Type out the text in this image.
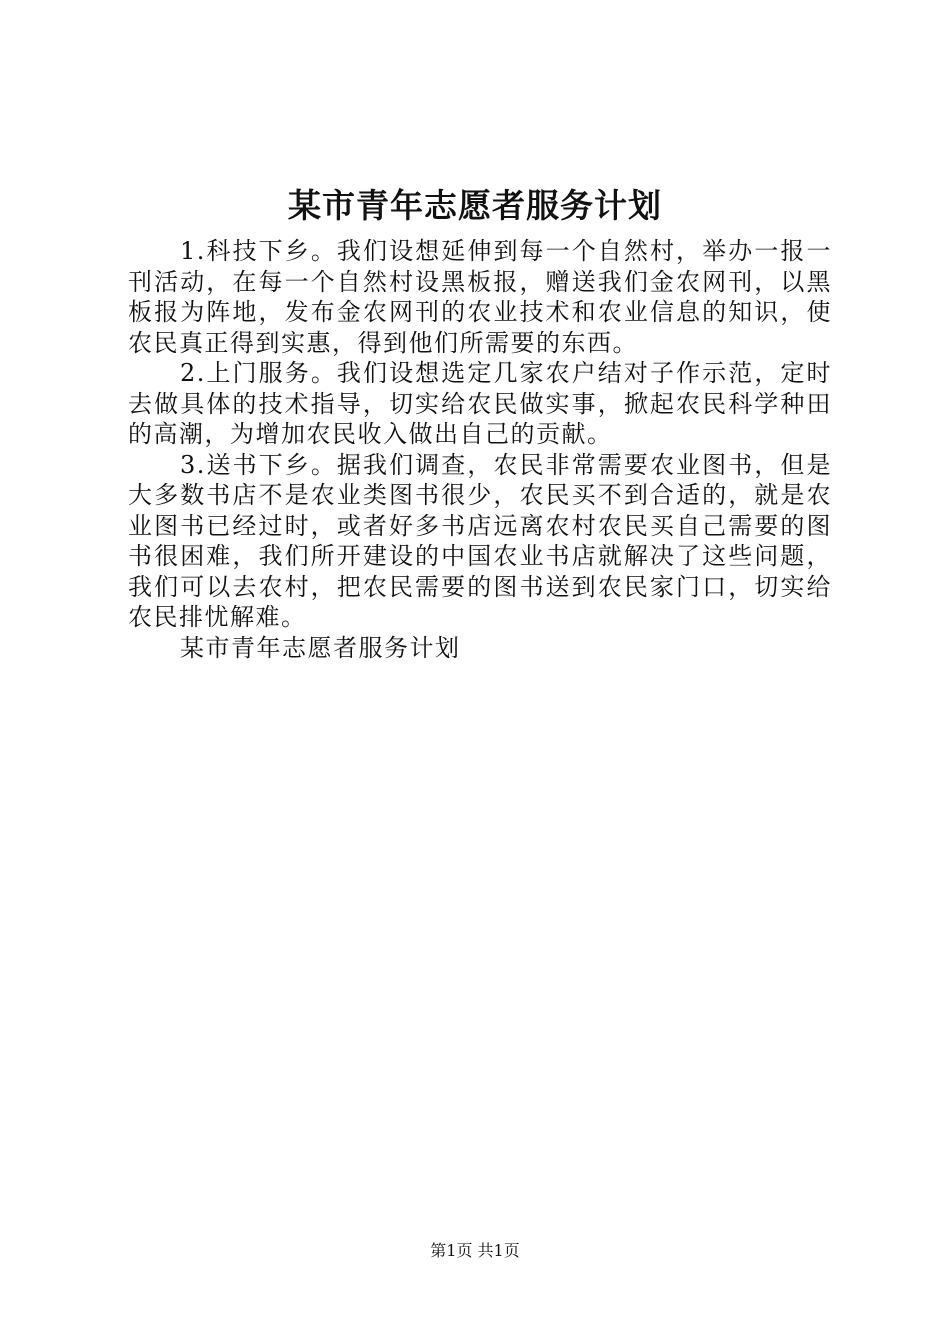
某市青年志愿者服务计划

1.科技下乡。我们设想延伸到每一个自然村，举办一报一刊活动，在每一个自然村设黑板报，赠送我们金农网刊，以黑板报为阵地，发布金农网刊的农业技术和农业信息的知识，使农民真正得到实惠，得到他们所需要的东西。

2.上门服务。我们设想选定几家农户结对子作示范，定时去做具体的技术指导，切实给农民做实事，掀起农民科学种田的高潮，为增加农民收入做出自己的贡献。

3.送书下乡。据我们调查，农民非常需要农业图书，但是大多数书店不是农业类图书很少，农民买不到合适的，就是农业图书已经过时，或者好多书店远离农村农民买自己需要的图书很困难，我们所开建设的中国农业书店就解决了这些问题，我们可以去农村，把农民需要的图书送到农民家门口，切实给农民排忧解难。

某市青年志愿者服务计划

第1页 共1页
